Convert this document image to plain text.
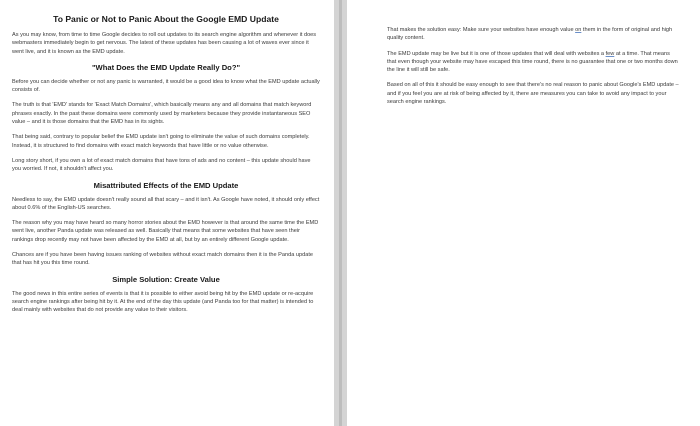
To Panic or Not to Panic About the Google EMD Update

As you may know, from time to time Google decides to roll out updates to its search engine algorithm and whenever it does webmasters immediately begin to get nervous. The latest of these updates has been causing a lot of waves ever since it went live, and it is known as the EMD update.

"What Does the EMD Update Really Do?"

Before you can decide whether or not any panic is warranted, it would be a good idea to know what the EMD update actually consists of.

The truth is that 'EMD' stands for 'Exact Match Domains', which basically means any and all domains that match keyword phrases exactly. In the past these domains were commonly used by marketers because they provide instantaneous SEO value – and it is those domains that the EMD has in its sights.

That being said, contrary to popular belief the EMD update isn't going to eliminate the value of such domains completely. Instead, it is structured to find domains with exact match keywords that have little or no value otherwise.

Long story short, if you own a lot of exact match domains that have tons of ads and no content – this update should have you worried. If not, it shouldn't affect you.

Misattributed Effects of the EMD Update

Needless to say, the EMD update doesn't really sound all that scary – and it isn't. As Google have noted, it should only effect about 0.6% of the English-US searches.

The reason why you may have heard so many horror stories about the EMD however is that around the same time the EMD went live, another Panda update was released as well. Basically that means that some websites that have seen their rankings drop recently may not have been affected by the EMD at all, but by an entirely different Google update.

Chances are if you have been having issues ranking of websites without exact match domains then it is the Panda update that has hit you this time round.

Simple Solution: Create Value

The good news in this entire series of events is that it is possible to either avoid being hit by the EMD update or re-acquire search engine rankings after being hit by it. At the end of the day this update (and Panda too for that matter) is intended to deal mainly with websites that do not provide any value to their visitors.

That makes the solution easy: Make sure your websites have enough value on them in the form of original and high quality content.

The EMD update may be live but it is one of those updates that will deal with websites a few at a time. That means that even though your website may have escaped this time round, there is no guarantee that one or two months down the line it will still be safe.

Based on all of this it should be easy enough to see that there's no real reason to panic about Google's EMD update – and if you feel you are at risk of being affected by it, there are measures you can take to avoid any impact to your search engine rankings.
